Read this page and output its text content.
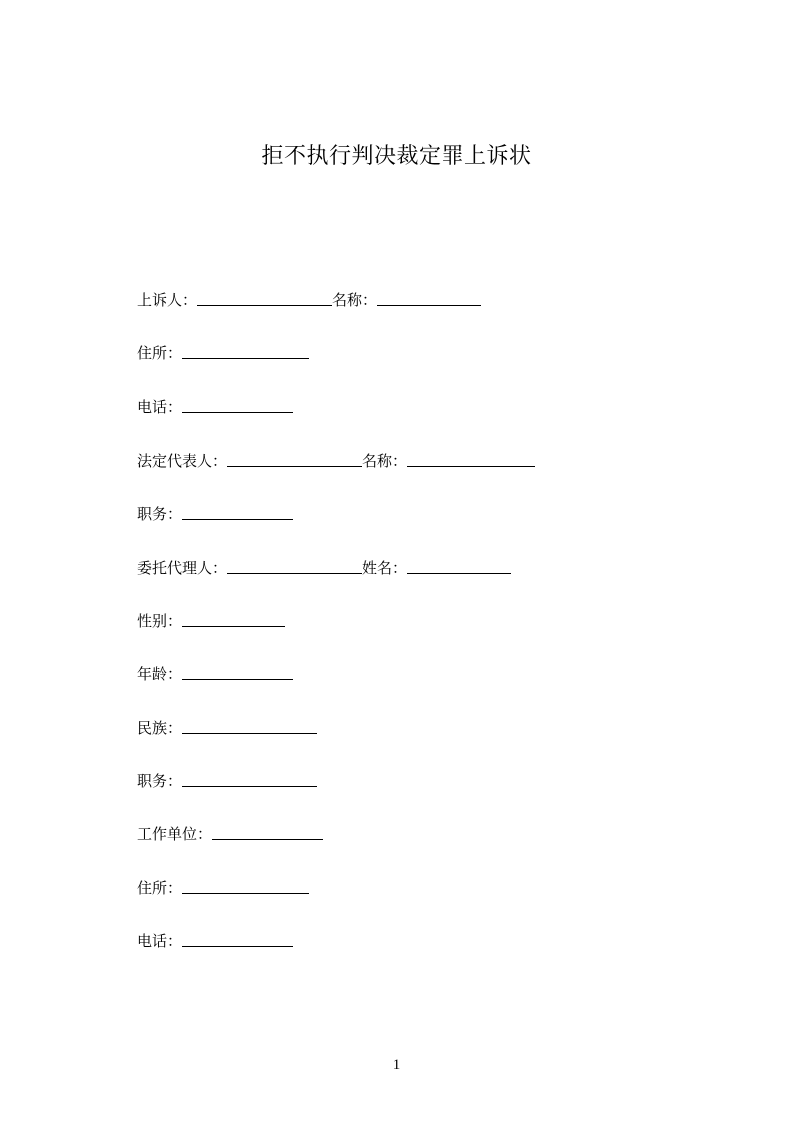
拒不执行判决裁定罪上诉状
上诉人：	名称：
住所：
电话：
法定代表人：	名称：
职务：
委托代理人：	姓名：
性别：
年龄：
民族：
职务：
工作单位：
住所：
电话：
1
